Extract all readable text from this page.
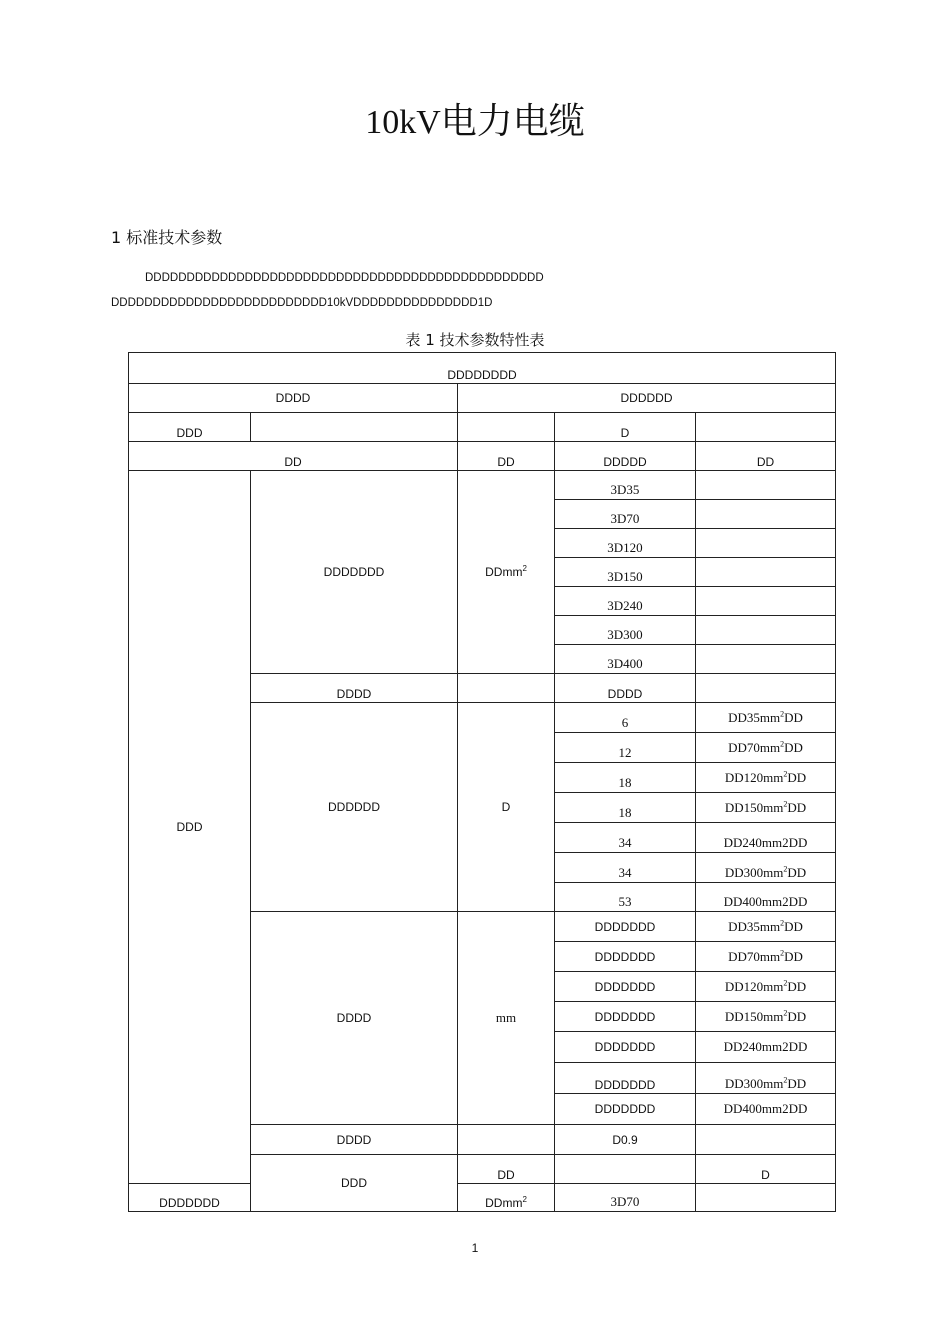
10kV电力电缆
1 标准技术参数
DDDDDDDDDDDDDDDDDDDDDDDDDDDDDDDDDDDDDDDDDDDDDDDD
DDDDDDDDDDDDDDDDDDDDDDDDDD10kVDDDDDDDDDDDDDDD1D
表 1 技术参数特性表
DDDDDDDD					
DDDD		DDDDDD			
DDD			D		
DD		DD	DDDDD	DD	
DDD	DDDDDDD	DDmm$^2$	3D35		
			3D70		
			3D120		
			3D150		
			3D240		
			3D300		
			3D400		
	DDDD		DDDD		
	DDDDDD	D	6	$DD35mm^2DD$	
			12	$DD70mm^2DD$	
			18	$DD120mm^2DD$	
			18	$DD150mm^2DD$	
			34	DD240mm2DD	
			34	$DD300mm^2DD$	
			53	DD400mm2DD	
	DDDD	mm	DDDDDDD	$DD35mm^2DD$	
			DDDDDDD	$DD70mm^2DD$	
			DDDDDDD	$DD120mm^2DD$	
			DDDDDDD	$DD150mm^2DD$	
			DDDDDDD	DD240mm2DD	
			DDDDDDD	$DD300mm^2DD$	
			DDDDDDD	DD400mm2DD	
	DDDD		D0.9		
	DDD	DD		D	
DDDDDDD		DDmm$^2$	3D70		
1
